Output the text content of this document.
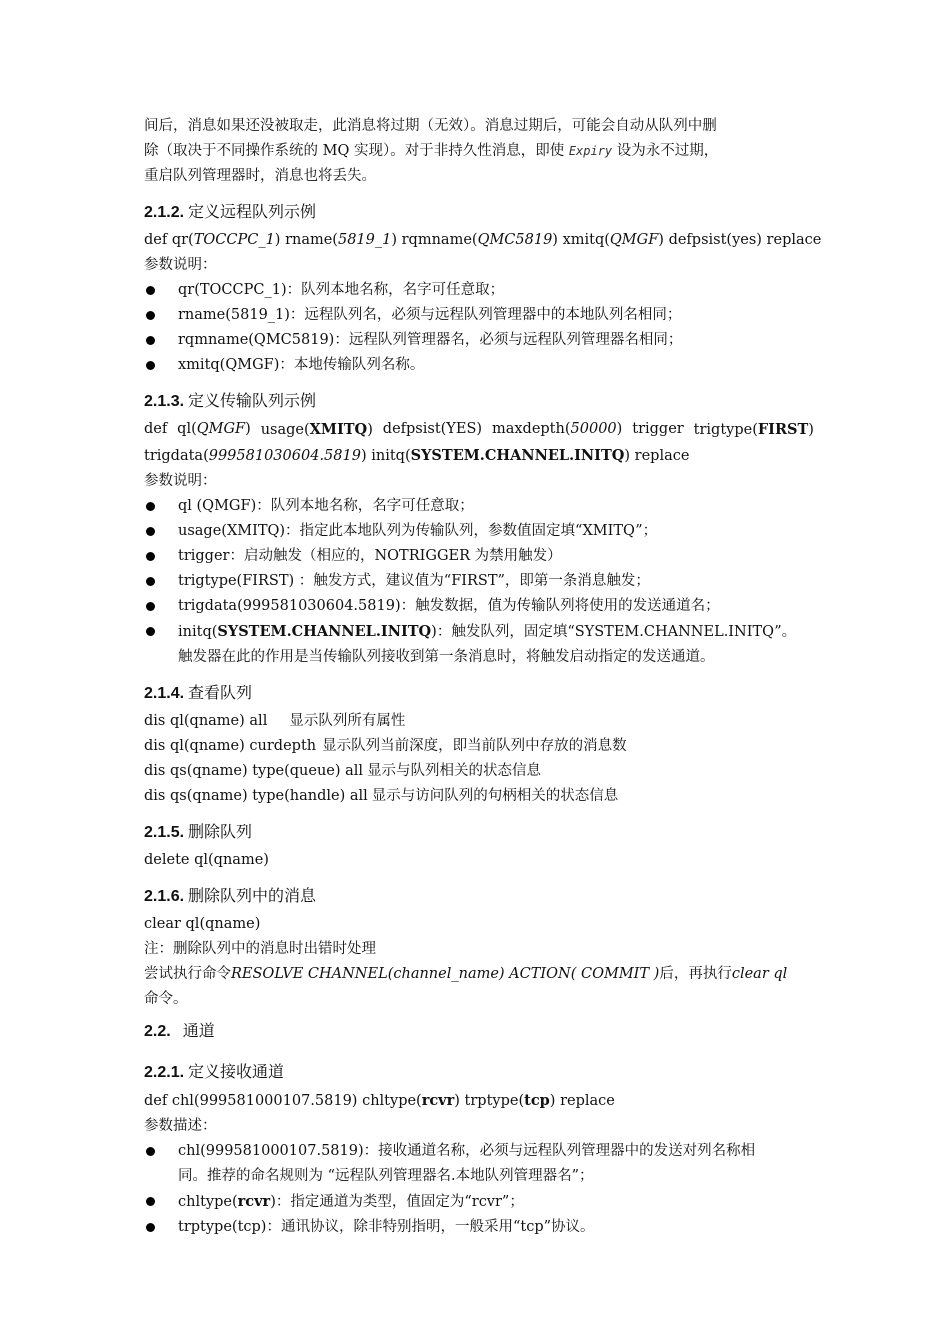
间后，消息如果还没被取走，此消息将过期（无效）。消息过期后，可能会自动从队列中删
除（取决于不同操作系统的 MQ 实现）。对于非持久性消息，即使 Expiry 设为永不过期，
重启队列管理器时，消息也将丢失。

2.1.2. 定义远程队列示例
def qr(TOCCPC_1) rname(5819_1) rqmname(QMC5819) xmitq(QMGF) defpsist(yes) replace
参数说明：
qr(TOCCPC_1)：队列本地名称，名字可任意取；
rname(5819_1)：远程队列名，必须与远程队列管理器中的本地队列名相同；
rqmname(QMC5819)：远程队列管理器名，必须与远程队列管理器名相同；
xmitq(QMGF)：本地传输队列名称。
2.1.3. 定义传输队列示例
def ql(QMGF) usage(XMITQ) defpsist(YES) maxdepth(50000) trigger trigtype(FIRST)
trigdata(999581030604.5819) initq(SYSTEM.CHANNEL.INITQ) replace
参数说明：
ql (QMGF)：队列本地名称，名字可任意取；
usage(XMITQ)：指定此本地队列为传输队列，参数值固定填“XMITQ”；
trigger：启动触发（相应的，NOTRIGGER 为禁用触发）
trigtype(FIRST) ：触发方式，建议值为“FIRST”，即第一条消息触发；
trigdata(999581030604.5819)：触发数据，值为传输队列将使用的发送通道名；
initq(SYSTEM.CHANNEL.INITQ)：触发队列，固定填“SYSTEM.CHANNEL.INITQ”。
触发器在此的作用是当传输队列接收到第一条消息时，将触发启动指定的发送通道。
2.1.4. 查看队列
dis ql(qname) all 显示队列所有属性
dis ql(qname) curdepth 显示队列当前深度，即当前队列中存放的消息数
dis qs(qname) type(queue) all 显示与队列相关的状态信息
dis qs(qname) type(handle) all 显示与访问队列的句柄相关的状态信息
2.1.5. 删除队列
delete ql(qname)
2.1.6. 删除队列中的消息
clear ql(qname)
注：删除队列中的消息时出错时处理
尝试执行命令RESOLVE CHANNEL(channel_name) ACTION( COMMIT )后，再执行clear ql
命令。
2.2. 通道
2.2.1. 定义接收通道
def chl(999581000107.5819) chltype(rcvr) trptype(tcp) replace
参数描述：
chl(999581000107.5819)：接收通道名称，必须与远程队列管理器中的发送对列名称相
同。推荐的命名规则为 “远程队列管理器名.本地队列管理器名”；
chltype(rcvr)：指定通道为类型，值固定为“rcvr”；
trptype(tcp)：通讯协议，除非特别指明，一般采用“tcp”协议。
